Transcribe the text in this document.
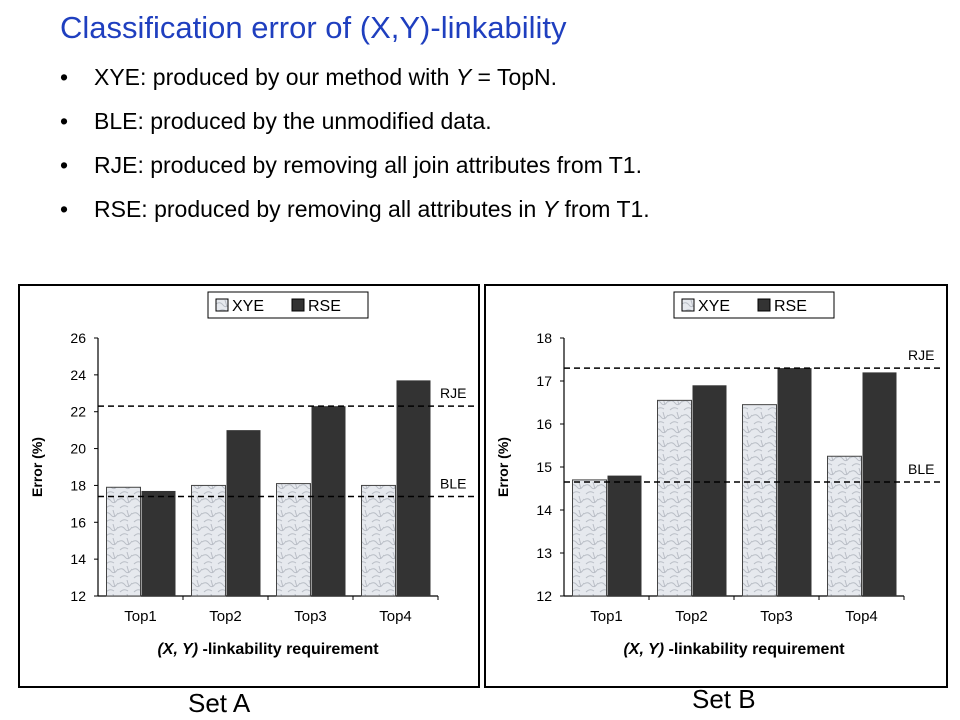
Classification error of (X,Y)-linkability
• XYE: produced by our method with Y = TopN.
• BLE: produced by the unmodified data.
• RJE: produced by removing all join attributes from T1.
• RSE: produced by removing all attributes in Y from T1.
XYE	RSE
12
14
16
18
20
22
24
26
Error (%)
Top1	Top2	Top3	Top4
RJE
BLE
(X, Y) -linkability requirement
XYE	RSE
12
13
14
15
16
17
18
Error (%)
Top1	Top2	Top3	Top4
RJE
BLE
(X, Y) -linkability requirement
Set A	Set B
